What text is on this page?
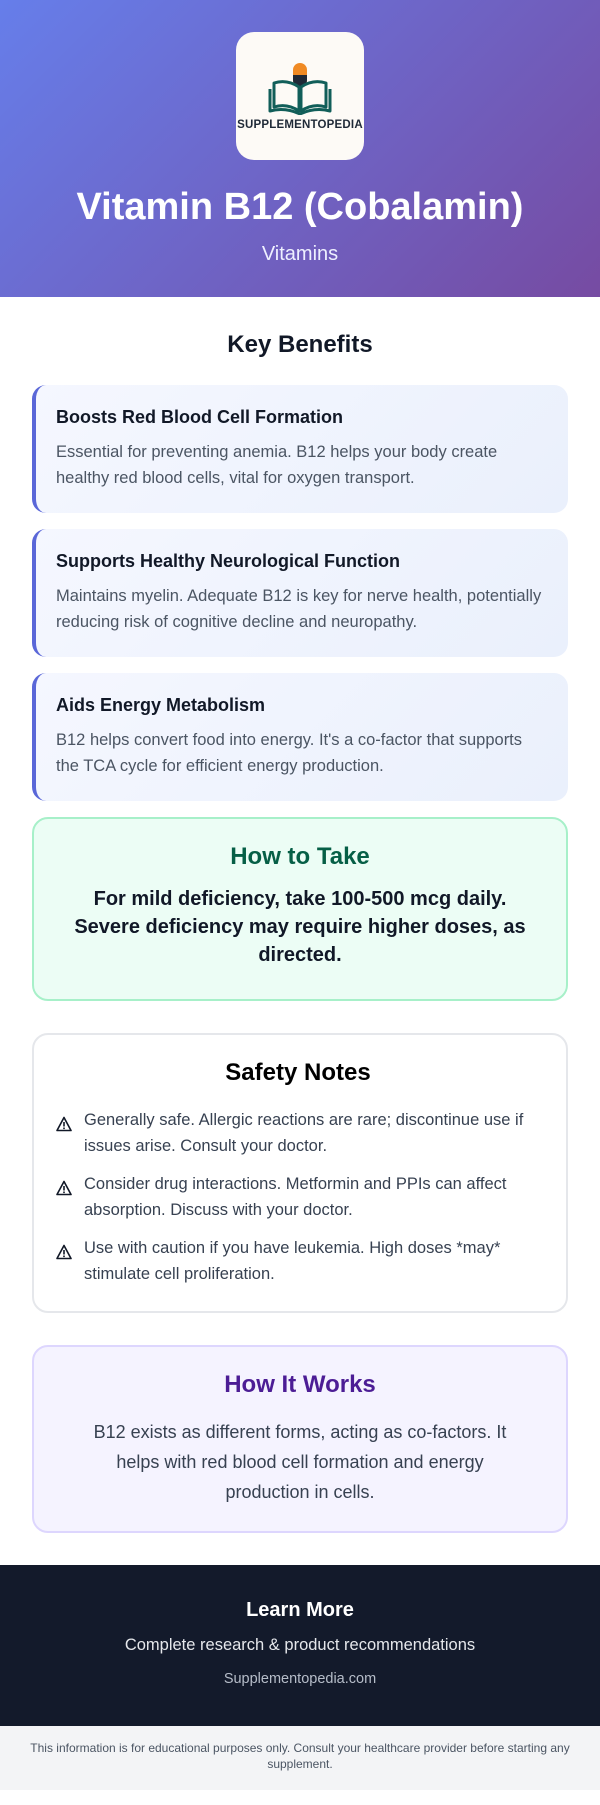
SUPPLEMENTOPEDIA
Vitamin B12 (Cobalamin)
Vitamins
Key Benefits
Boosts Red Blood Cell Formation
Essential for preventing anemia. B12 helps your body create healthy red blood cells, vital for oxygen transport.
Supports Healthy Neurological Function
Maintains myelin. Adequate B12 is key for nerve health, potentially reducing risk of cognitive decline and neuropathy.
Aids Energy Metabolism
B12 helps convert food into energy. It's a co-factor that supports the TCA cycle for efficient energy production.
How to Take

For mild deficiency, take 100-500 mcg daily. Severe deficiency may require higher doses, as directed.

Safety Notes
Generally safe. Allergic reactions are rare; discontinue use if issues arise. Consult your doctor.
Consider drug interactions. Metformin and PPIs can affect absorption. Discuss with your doctor.
Use with caution if you have leukemia. High doses *may* stimulate cell proliferation.
How It Works

B12 exists as different forms, acting as co-factors. It helps with red blood cell formation and energy production in cells.

Learn More
Complete research & product recommendations
Supplementopedia.com
This information is for educational purposes only. Consult your healthcare provider before starting any supplement.
